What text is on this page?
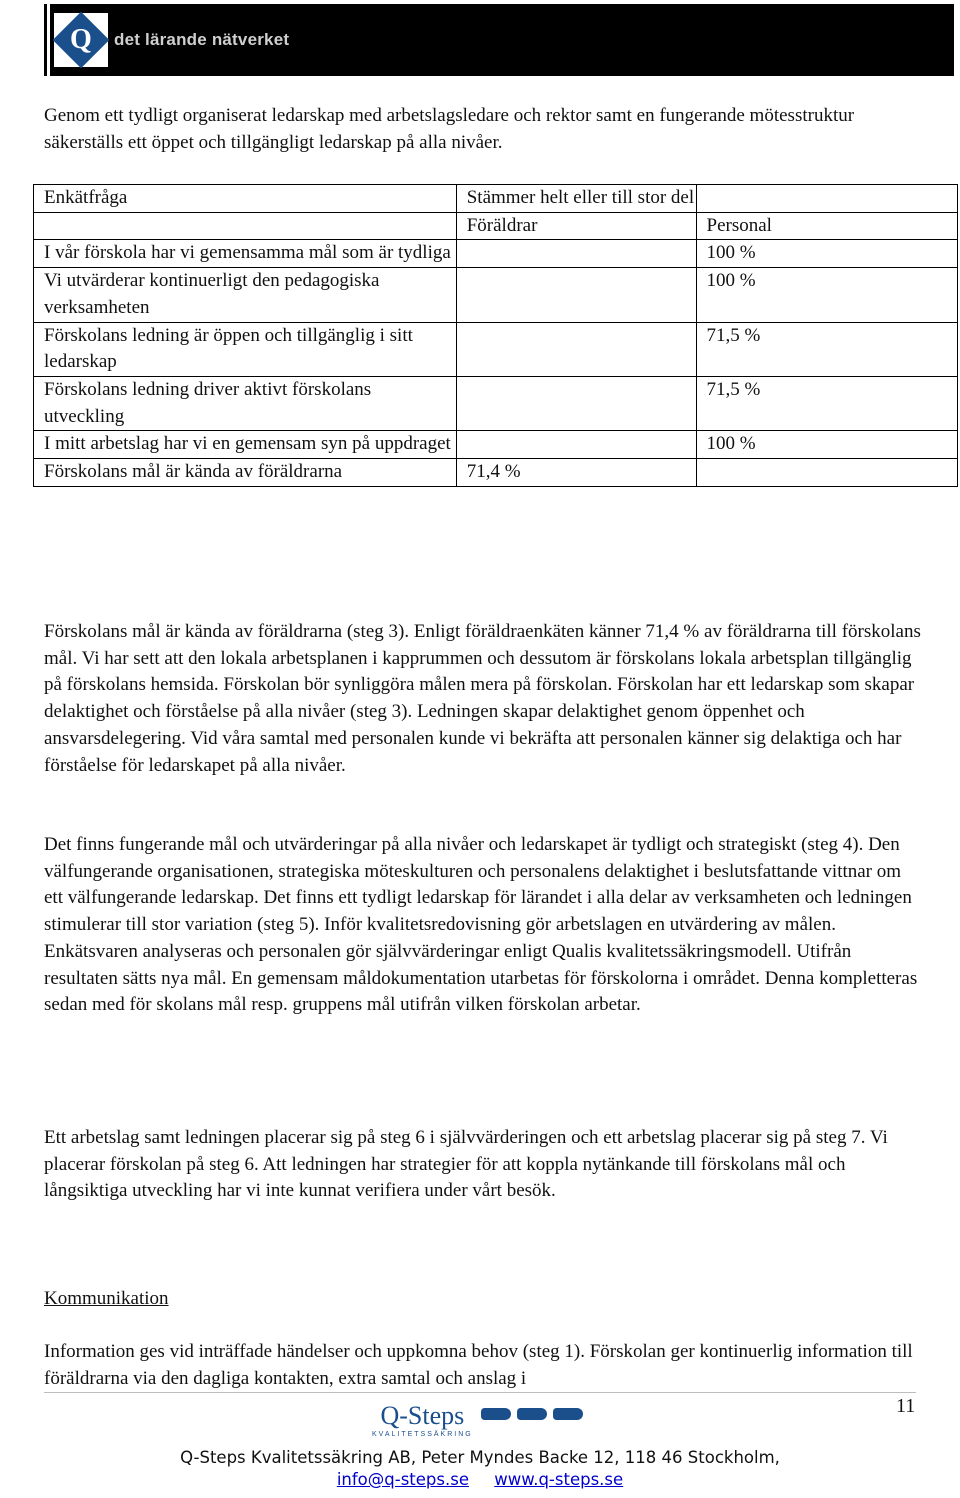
Q det lärande nätverket

Genom ett tydligt organiserat ledarskap med arbetslagsledare och rektor samt en fungerande mötesstruktur säkerställs ett öppet och tillgängligt ledarskap på alla nivåer.

Enkätfråga	Stämmer helt eller till stor del	
	Föräldrar	Personal
I vår förskola har vi gemensamma mål som är tydliga		100 %
Vi utvärderar kontinuerligt den pedagogiska verksamheten		100 %
Förskolans ledning är öppen och tillgänglig i sitt ledarskap		71,5 %
Förskolans ledning driver aktivt förskolans utveckling		71,5 %
I mitt arbetslag har vi en gemensam syn på uppdraget		100 %
Förskolans mål är kända av föräldrarna	71,4 %	

Förskolans mål är kända av föräldrarna (steg 3). Enligt föräldraenkäten känner 71,4 % av föräldrarna till förskolans mål. Vi har sett att den lokala arbetsplanen i kapprummen och dessutom är förskolans lokala arbetsplan tillgänglig på förskolans hemsida. Förskolan bör synliggöra målen mera på förskolan. Förskolan har ett ledarskap som skapar delaktighet och förståelse på alla nivåer (steg 3). Ledningen skapar delaktighet genom öppenhet och ansvarsdelegering. Vid våra samtal med personalen kunde vi bekräfta att personalen känner sig delaktiga och har förståelse för ledarskapet på alla nivåer.

Det finns fungerande mål och utvärderingar på alla nivåer och ledarskapet är tydligt och strategiskt (steg 4). Den välfungerande organisationen, strategiska möteskulturen och personalens delaktighet i beslutsfattande vittnar om ett välfungerande ledarskap. Det finns ett tydligt ledarskap för lärandet i alla delar av verksamheten och ledningen stimulerar till stor variation (steg 5). Inför kvalitetsredovisning gör arbetslagen en utvärdering av målen. Enkätsvaren analyseras och personalen gör självvärderingar enligt Qualis kvalitetssäkringsmodell. Utifrån resultaten sätts nya mål. En gemensam måldokumentation utarbetas för förskolorna i området. Denna kompletteras sedan med för skolans mål resp. gruppens mål utifrån vilken förskolan arbetar.

Ett arbetslag samt ledningen placerar sig på steg 6 i självvärderingen och ett arbetslag placerar sig på steg 7. Vi placerar förskolan på steg 6. Att ledningen har strategier för att koppla nytänkande till förskolans mål och långsiktiga utveckling har vi inte kunnat verifiera under vårt besök.

Kommunikation

Information ges vid inträffade händelser och uppkomna behov (steg 1). Förskolan ger kontinuerlig information till föräldrarna via den dagliga kontakten, extra samtal och anslag i

11
Q-Steps
KVALITETSSÄKRING
Q-Steps Kvalitetssäkring AB, Peter Myndes Backe 12, 118 46 Stockholm,
info@q-steps.se www.q-steps.se
